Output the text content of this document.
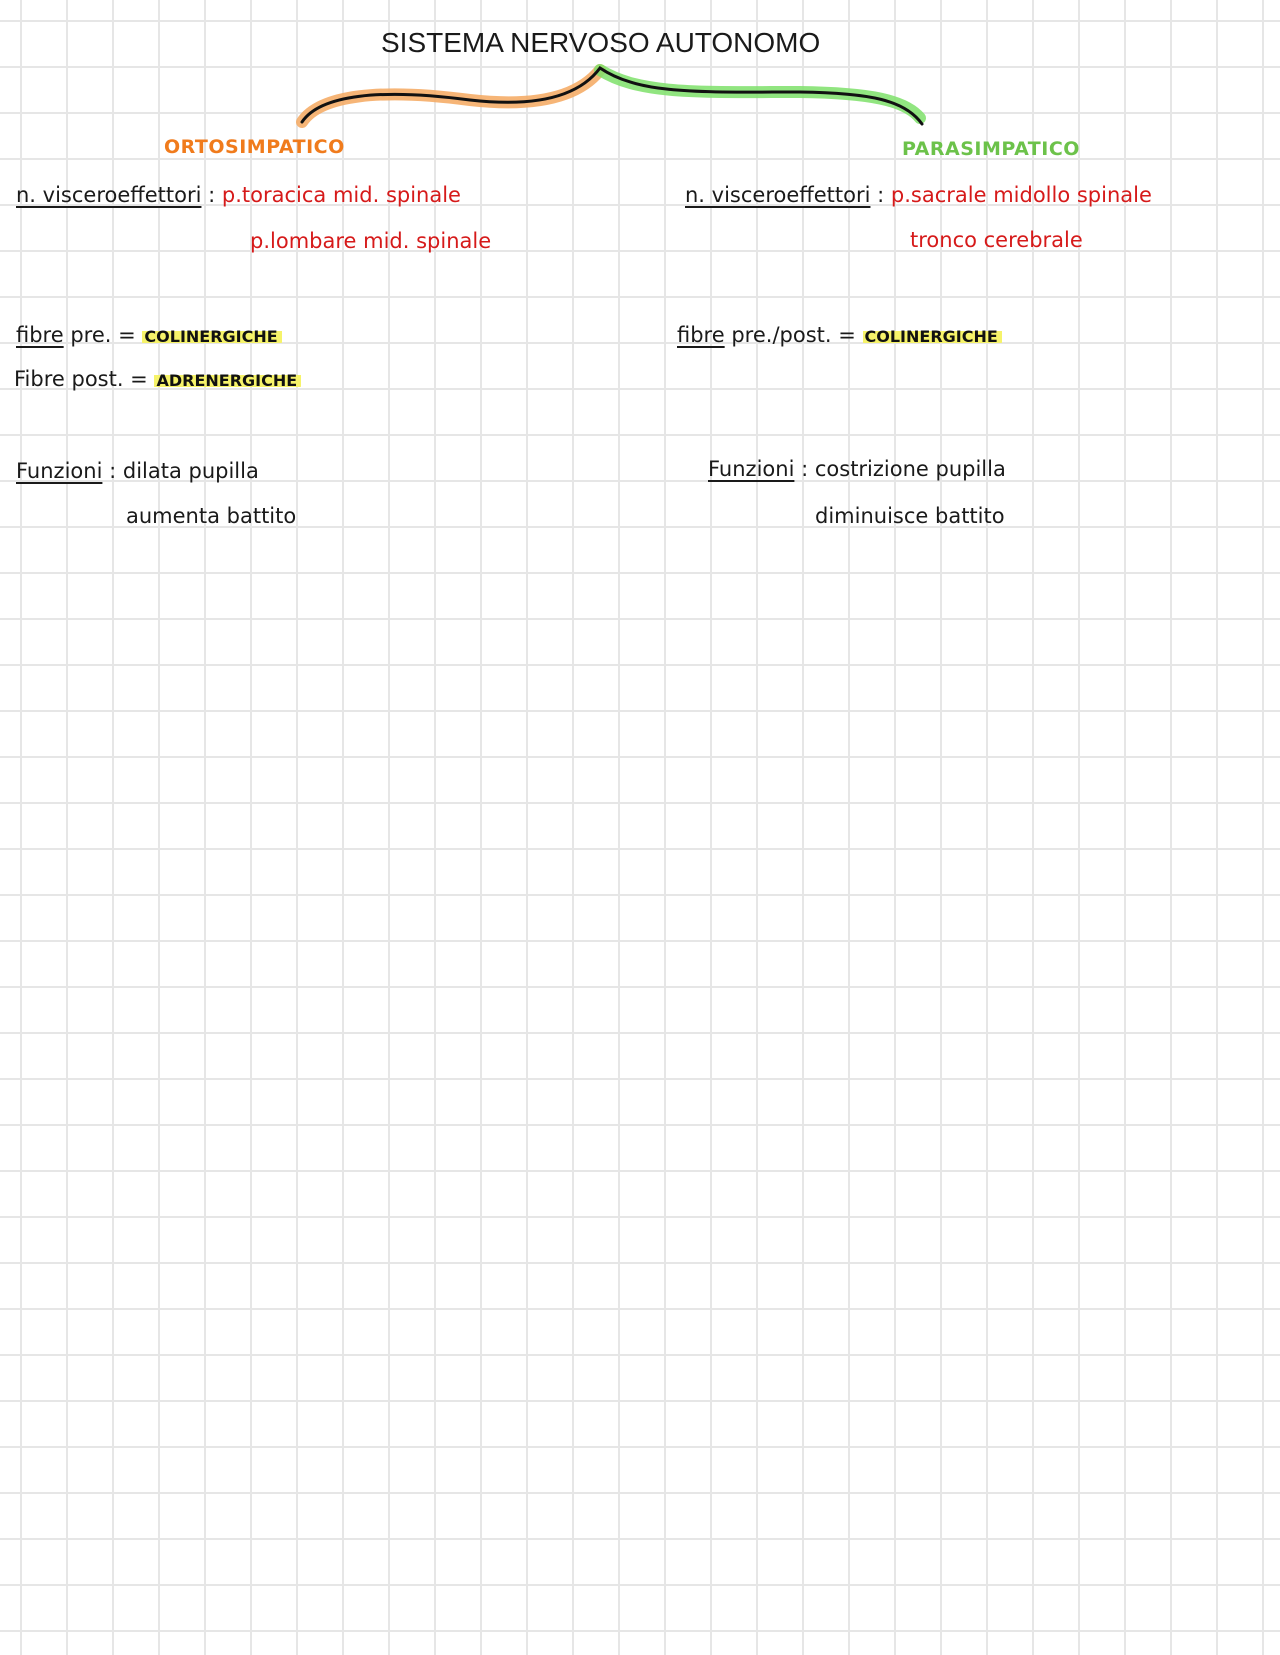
SISTEMA NERVOSO AUTONOMO
ORTOSIMPATICO
n. visceroeffettori : p.toracica mid. spinale
p.lombare mid. spinale
fibre pre. = COLINERGICHE
Fibre post. = ADRENERGICHE
Funzioni : dilata pupilla
aumenta battito
PARASIMPATICO
n. visceroeffettori : p.sacrale midollo spinale
tronco cerebrale
fibre pre./post. = COLINERGICHE
Funzioni : costrizione pupilla
diminuisce battito
